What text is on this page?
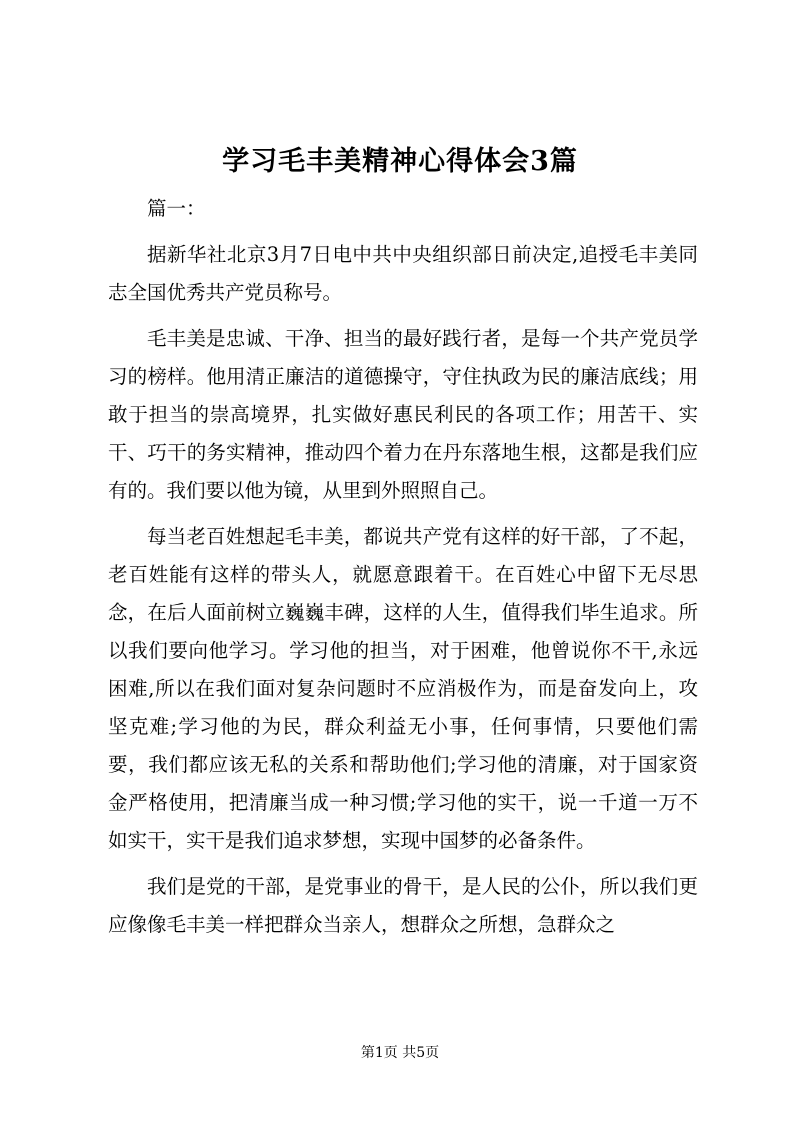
学习毛丰美精神心得体会3篇

篇一：

据新华社北京3月7日电中共中央组织部日前决定,追授毛丰美同志全国优秀共产党员称号。

毛丰美是忠诚、干净、担当的最好践行者，是每一个共产党员学习的榜样。他用清正廉洁的道德操守，守住执政为民的廉洁底线；用敢于担当的崇高境界，扎实做好惠民利民的各项工作；用苦干、实干、巧干的务实精神，推动四个着力在丹东落地生根，这都是我们应有的。我们要以他为镜，从里到外照照自己。

每当老百姓想起毛丰美，都说共产党有这样的好干部，了不起，老百姓能有这样的带头人，就愿意跟着干。在百姓心中留下无尽思念，在后人面前树立巍巍丰碑，这样的人生，值得我们毕生追求。所以我们要向他学习。学习他的担当，对于困难，他曾说你不干,永远困难,所以在我们面对复杂问题时不应消极作为，而是奋发向上，攻坚克难;学习他的为民，群众利益无小事，任何事情，只要他们需要，我们都应该无私的关系和帮助他们;学习他的清廉，对于国家资金严格使用，把清廉当成一种习惯;学习他的实干，说一千道一万不如实干，实干是我们追求梦想，实现中国梦的必备条件。

我们是党的干部，是党事业的骨干，是人民的公仆，所以我们更应像像毛丰美一样把群众当亲人，想群众之所想，急群众之

第1页 共5页
